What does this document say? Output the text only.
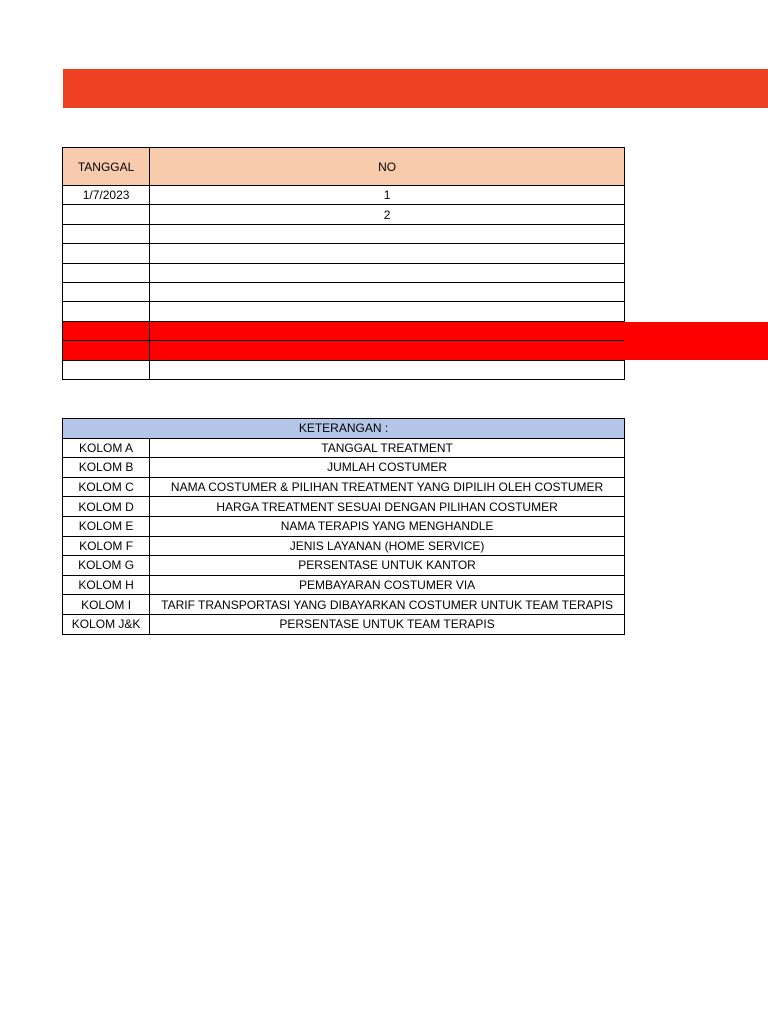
TANGGAL	NO
1/7/2023	1
	2

KETERANGAN :	
KOLOM A	TANGGAL TREATMENT
KOLOM B	JUMLAH COSTUMER
KOLOM C	NAMA COSTUMER & PILIHAN TREATMENT YANG DIPILIH OLEH COSTUMER
KOLOM D	HARGA TREATMENT SESUAI DENGAN PILIHAN COSTUMER
KOLOM E	NAMA TERAPIS YANG MENGHANDLE
KOLOM F	JENIS LAYANAN (HOME SERVICE)
KOLOM G	PERSENTASE UNTUK KANTOR
KOLOM H	PEMBAYARAN COSTUMER VIA
KOLOM I	TARIF TRANSPORTASI YANG DIBAYARKAN COSTUMER UNTUK TEAM TERAPIS
KOLOM J&K	PERSENTASE UNTUK TEAM TERAPIS
